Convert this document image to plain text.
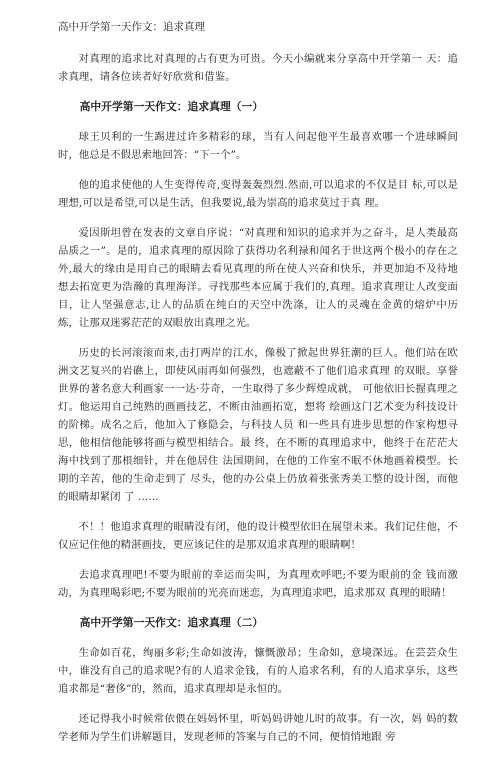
高中开学第一天作文：追求真理

对真理的追求比对真理的占有更为可贵。今天小编就来分享高中开学第一 天：追求真理，请各位读者好好欣赏和借鉴。

高中开学第一天作文：追求真理（一）

球王贝利的一生踢进过许多精彩的球，当有人问起他平生最喜欢哪一个进球瞬间时，他总是不假思索地回答：“下一个”。

他的追求使他的人生变得传奇,变得轰轰烈烈.然而,可以追求的不仅是目 标,可以是理想,可以是希望,可以是生活，但我要说,最为崇高的追求莫过于真 理。

爱因斯坦曾在发表的文章自序说：“对真理和知识的追求并为之奋斗，是人类最高品质之一”。是的，追求真理的原因除了获得功名利禄和闻名于世这两个极小的存在之外,最大的缘由是用自己的眼睛去看见真理的所在使人兴奋和快乐，并更加迫不及待地想去拓宽更为浩瀚的真理海洋。寻找那些本应属于我们的,真理。追求真理让人改变面目，让人坚强意志,让人的品质在纯白的天空中洗涤，让人的灵魂在金黄的熔炉中历炼，让那双迷雾茫茫的双眼放出真理之光。

历史的长河滚滚而来,击打两岸的江水，像极了掀起世界狂潮的巨人。他们站在欧洲文艺复兴的岩礁上，即使风雨再如何强烈，也遮蔽不了他们追求真理 的双眼。享誉世界的著名意大利画家一一达·芬奇，一生取得了多少辉煌成就， 可他依旧长握真理之灯。他运用自己纯熟的画画技艺，不断由油画拓宽，想将 绘画这门艺术变为科技设计的阶梯。成名之后，他加入了修隐会，与科技人员 和一些具有进步思想的作家构想寻思，他相信他能够将画与模型相结合。最 终，在不断的真理追求中，他终于在茫茫大海中找到了那根细针，并在他居住 法国期间，在他的工作室不眠不休地画着模型。长期的辛苦，他的生命走到了 尽头，他的办公桌上仍放着张张秀美工整的设计图，而他的眼睛却紧闭 了 ……

不！！他追求真理的眼睛没有闭，他的设计模型依旧在展望未来。我们记住他，不仅应记住他的精湛画技，更应该记住的是那双追求真理的眼睛啊！

去追求真理吧!不要为眼前的幸运而尖叫，为真理欢呼吧;不要为眼前的金 钱而激动，为真理喝彩吧;不要为眼前的光亮而迷恋，为真理追求吧，追求那双 真理的眼睛！

高中开学第一天作文：追求真理（二）

生命如百花，绚丽多彩;生命如波涛，慷慨激昂；生命如，意境深远。在芸芸众生中，谁没有自己的追求呢?有的人追求金钱，有的人追求名利，有的人追求享乐，这些追求都是“奢侈”的，然而，追求真理却是永恒的。

还记得我小时候常依偎在妈妈怀里，听妈妈讲她儿时的故事。有一次，妈 妈的数学老师为学生们讲解题目，发现老师的答案与自己的不同，便悄悄地跟 旁
